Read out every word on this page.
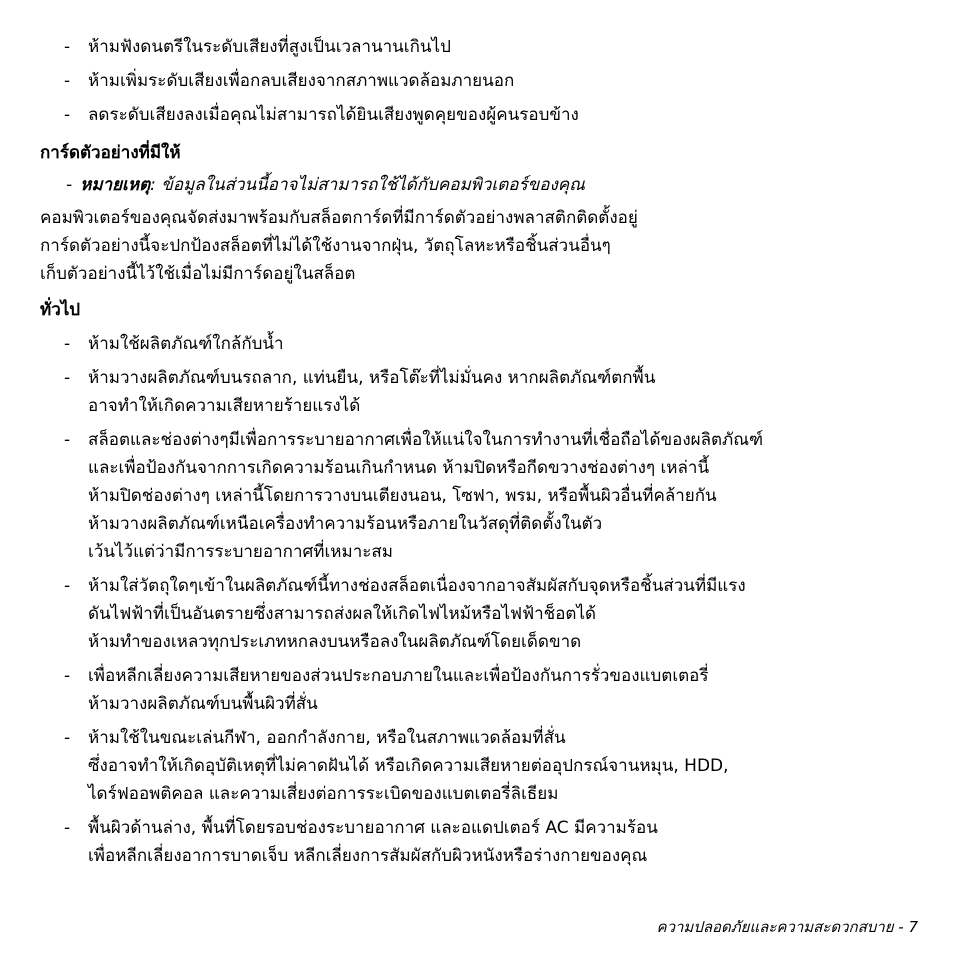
- ห้ามฟังดนตรีในระดับเสียงที่สูงเป็นเวลานานเกินไป
- ห้ามเพิ่มระดับเสียงเพื่อกลบเสียงจากสภาพแวดล้อมภายนอก
- ลดระดับเสียงลงเมื่อคุณไม่สามารถได้ยินเสียงพูดคุยของผู้คนรอบข้าง
การ์ดตัวอย่างที่มีให้

- หมายเหตุ: ข้อมูลในส่วนนี้อาจไม่สามารถใช้ได้กับคอมพิวเตอร์ของคุณ

คอมพิวเตอร์ของคุณจัดส่งมาพร้อมกับสล็อตการ์ดที่มีการ์ดตัวอย่างพลาสติกติดตั้งอยู่
การ์ดตัวอย่างนี้จะปกป้องสล็อตที่ไม่ได้ใช้งานจากฝุ่น, วัตถุโลหะหรือชิ้นส่วนอื่นๆ
เก็บตัวอย่างนี้ไว้ใช้เมื่อไม่มีการ์ดอยู่ในสล็อต

ทั่วไป
- ห้ามใช้ผลิตภัณฑ์ใกล้กับน้ำ
- ห้ามวางผลิตภัณฑ์บนรถลาก, แท่นยืน, หรือโต๊ะที่ไม่มั่นคง หากผลิตภัณฑ์ตกพื้น
อาจทำให้เกิดความเสียหายร้ายแรงได้
- สล็อตและช่องต่างๆมีเพื่อการระบายอากาศเพื่อให้แน่ใจในการทำงานที่เชื่อถือได้ของผลิตภัณฑ์
และเพื่อป้องกันจากการเกิดความร้อนเกินกำหนด ห้ามปิดหรือกีดขวางช่องต่างๆ เหล่านี้
ห้ามปิดช่องต่างๆ เหล่านี้โดยการวางบนเตียงนอน, โซฟา, พรม, หรือพื้นผิวอื่นที่คล้ายกัน
ห้ามวางผลิตภัณฑ์เหนือเครื่องทำความร้อนหรือภายในวัสดุที่ติดตั้งในตัว
เว้นไว้แต่ว่ามีการระบายอากาศที่เหมาะสม
- ห้ามใส่วัตถุใดๆเข้าในผลิตภัณฑ์นี้ทางช่องสล็อตเนื่องจากอาจสัมผัสกับจุดหรือชิ้นส่วนที่มีแรง
ดันไฟฟ้าที่เป็นอันตรายซึ่งสามารถส่งผลให้เกิดไฟไหม้หรือไฟฟ้าช็อตได้
ห้ามทำของเหลวทุกประเภทหกลงบนหรือลงในผลิตภัณฑ์โดยเด็ดขาด
- เพื่อหลีกเลี่ยงความเสียหายของส่วนประกอบภายในและเพื่อป้องกันการรั่วของแบตเตอรี่
ห้ามวางผลิตภัณฑ์บนพื้นผิวที่สั่น
- ห้ามใช้ในขณะเล่นกีฬา, ออกกำลังกาย, หรือในสภาพแวดล้อมที่สั่น
ซึ่งอาจทำให้เกิดอุบัติเหตุที่ไม่คาดฝันได้ หรือเกิดความเสียหายต่ออุปกรณ์จานหมุน, HDD,
ไดร์ฟออพติคอล และความเสี่ยงต่อการระเบิดของแบตเตอรี่ลิเธียม
- พื้นผิวด้านล่าง, พื้นที่โดยรอบช่องระบายอากาศ และอแดปเตอร์ AC มีความร้อน
เพื่อหลีกเลี่ยงอาการบาดเจ็บ หลีกเลี่ยงการสัมผัสกับผิวหนังหรือร่างกายของคุณ
ความปลอดภัยและความสะดวกสบาย - 7
